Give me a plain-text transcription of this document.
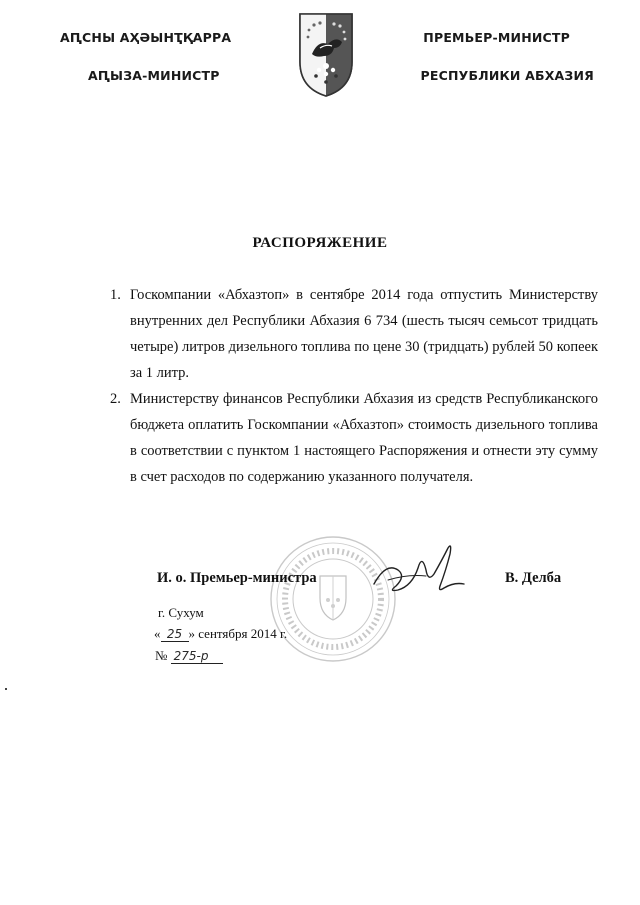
АԤСНЫ АҲӘЫНҬҚАРРА
АԤЫЗА-МИНИСТР
ПРЕМЬЕР-МИНИСТР
РЕСПУБЛИКИ АБХАЗИЯ
РАСПОРЯЖЕНИЕ
1. Госкомпании «Абхазтоп» в сентябре 2014 года отпустить Министерству внутренних дел Республики Абхазия 6 734 (шесть тысяч семьсот тридцать четыре) литров дизельного топлива по цене 30 (тридцать) рублей 50 копеек за 1 литр.
2. Министерству финансов Республики Абхазия из средств Республиканского бюджета оплатить Госкомпании «Абхазтоп» стоимость дизельного топлива в соответствии с пунктом 1 настоящего Распоряжения и отнести эту сумму в счет расходов по содержанию указанного получателя.
И. о. Премьер-министра	В. Делба
г. Сухум
« 25 » сентября 2014 г.
№ 275-р
